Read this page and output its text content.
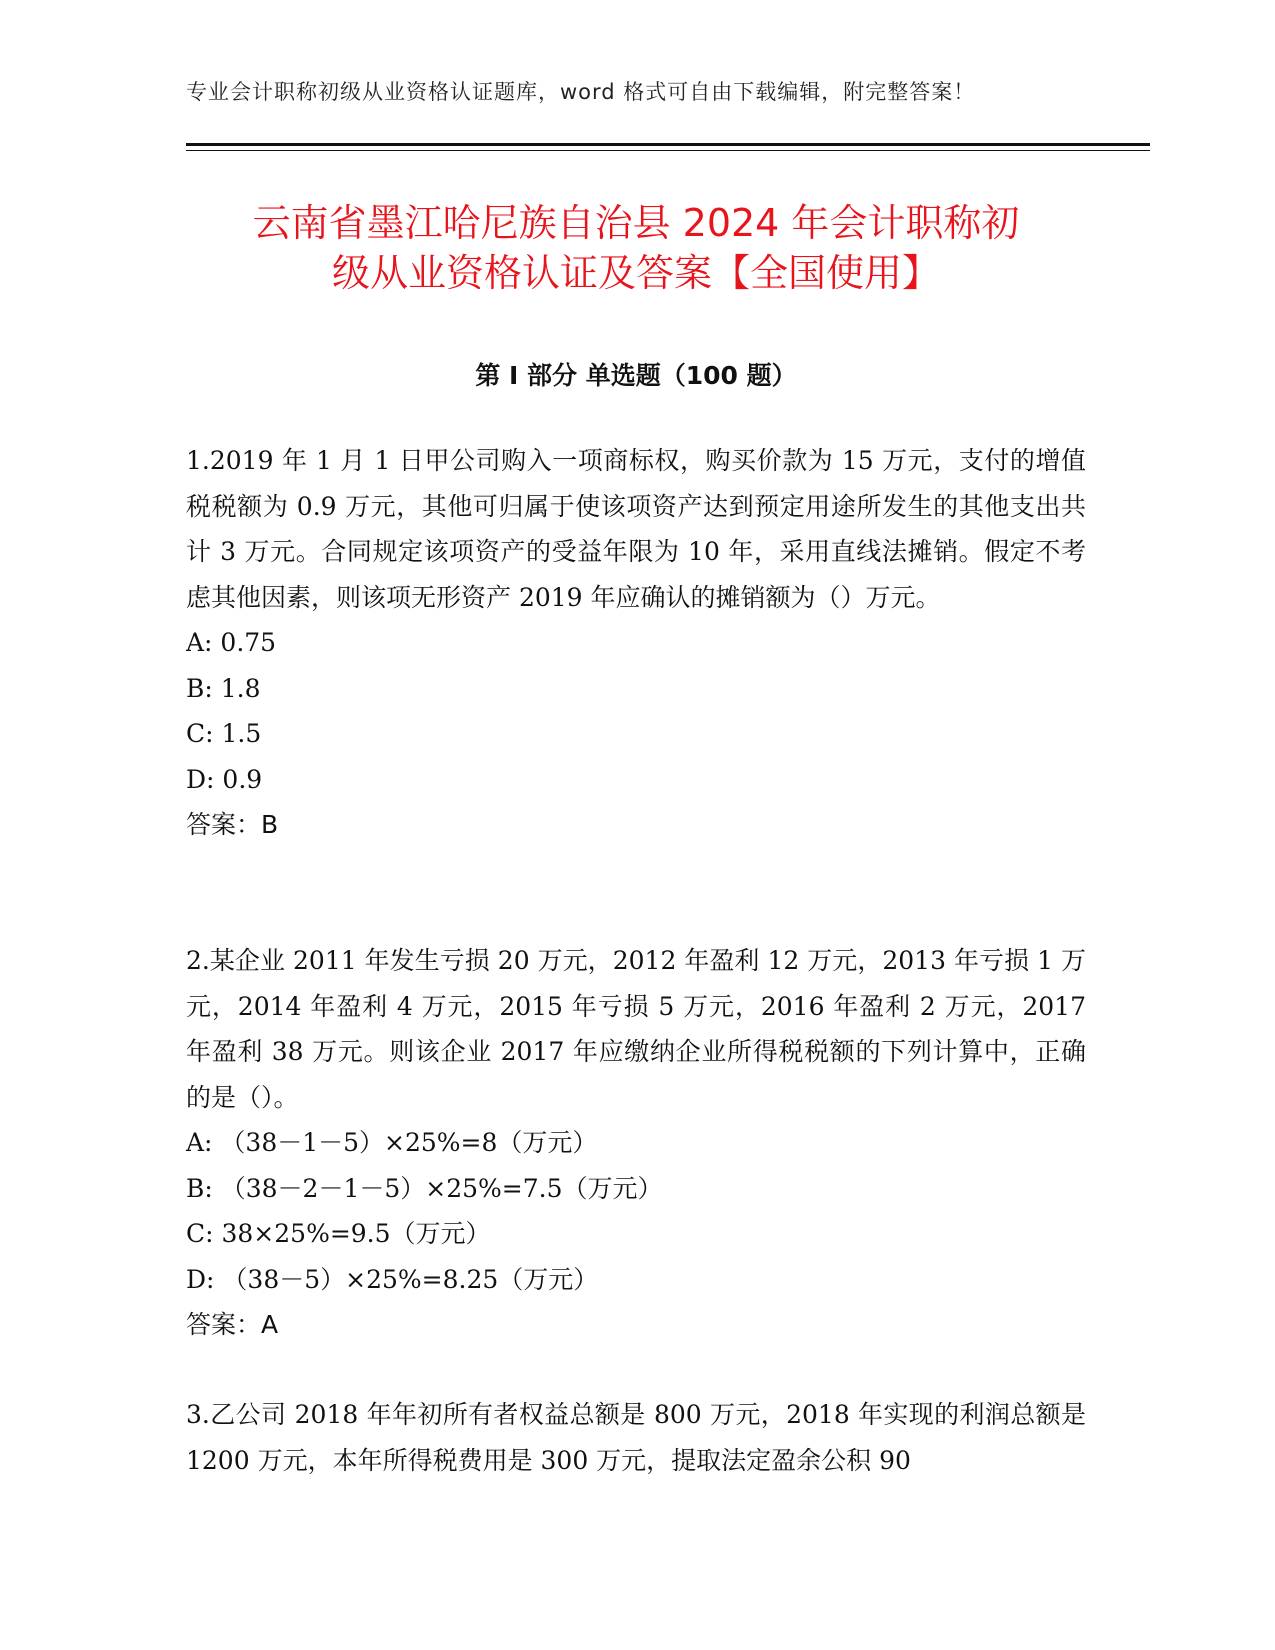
专业会计职称初级从业资格认证题库，word 格式可自由下载编辑，附完整答案！
云南省墨江哈尼族自治县 2024 年会计职称初
级从业资格认证及答案【全国使用】
第 I 部分 单选题（100 题）

1.2019 年 1 月 1 日甲公司购入一项商标权，购买价款为 15 万元，支付的增值税税额为 0.9 万元，其他可归属于使该项资产达到预定用途所发生的其他支出共计 3 万元。合同规定该项资产的受益年限为 10 年，采用直线法摊销。假定不考虑其他因素，则该项无形资产 2019 年应确认的摊销额为（）万元。

A: 0.75

B: 1.8

C: 1.5

D: 0.9

答案：B

2.某企业 2011 年发生亏损 20 万元，2012 年盈利 12 万元，2013 年亏损 1 万元，2014 年盈利 4 万元，2015 年亏损 5 万元，2016 年盈利 2 万元，2017 年盈利 38 万元。则该企业 2017 年应缴纳企业所得税税额的下列计算中，正确的是（）。

A: （38－1－5）×25%=8（万元）

B: （38－2－1－5）×25%=7.5（万元）

C: 38×25%=9.5（万元）

D: （38－5）×25%=8.25（万元）

答案：A

3.乙公司 2018 年年初所有者权益总额是 800 万元，2018 年实现的利润总额是 1200 万元，本年所得税费用是 300 万元，提取法定盈余公积 90
